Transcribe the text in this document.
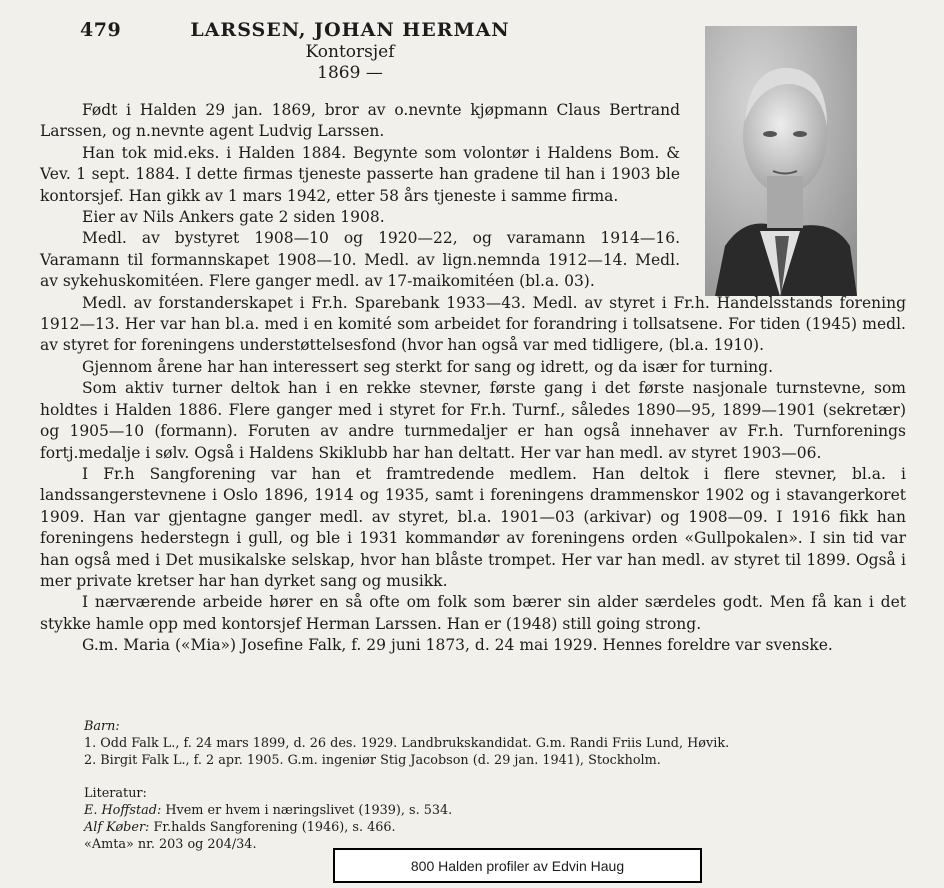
479	LARSSEN, JOHAN HERMAN
Kontorsjef
1869 —

Født i Halden 29 jan. 1869, bror av o.nevnte kjøpmann Claus Bertrand Larssen, og n.nevnte agent Ludvig Larssen.

Han tok mid.eks. i Halden 1884. Begynte som volontør i Haldens Bom. & Vev. 1 sept. 1884. I dette firmas tjeneste passerte han gradene til han i 1903 ble kontorsjef. Han gikk av 1 mars 1942, etter 58 års tjeneste i samme firma.

Eier av Nils Ankers gate 2 siden 1908.

Medl. av bystyret 1908—10 og 1920—22, og varamann 1914—16. Varamann til formannskapet 1908—10. Medl. av lign.nemnda 1912—14. Medl. av sykehuskomitéen. Flere ganger medl. av 17-maikomitéen (bl.a. 03).

Medl. av forstanderskapet i Fr.h. Sparebank 1933—43. Medl. av styret i Fr.h. Handelsstands forening 1912—13. Her var han bl.a. med i en komité som arbeidet for forandring i tollsatsene. For tiden (1945) medl. av styret for foreningens understøttelsesfond (hvor han også var med tidligere, (bl.a. 1910).

Gjennom årene har han interessert seg sterkt for sang og idrett, og da især for turning.

Som aktiv turner deltok han i en rekke stevner, første gang i det første nasjonale turnstevne, som holdtes i Halden 1886. Flere ganger med i styret for Fr.h. Turnf., således 1890—95, 1899—1901 (sekretær) og 1905—10 (formann). Foruten av andre turnmedaljer er han også innehaver av Fr.h. Turnforenings fortj.medalje i sølv. Også i Haldens Skiklubb har han deltatt. Her var han medl. av styret 1903—06.

I Fr.h Sangforening var han et framtredende medlem. Han deltok i flere stevner, bl.a. i landssangerstevnene i Oslo 1896, 1914 og 1935, samt i foreningens drammenskor 1902 og i stavangerkoret 1909. Han var gjentagne ganger medl. av styret, bl.a. 1901—03 (arkivar) og 1908—09. I 1916 fikk han foreningens hederstegn i gull, og ble i 1931 kommandør av foreningens orden «Gullpokalen». I sin tid var han også med i Det musikalske selskap, hvor han blåste trompet. Her var han medl. av styret til 1899. Også i mer private kretser har han dyrket sang og musikk.

I nærværende arbeide hører en så ofte om folk som bærer sin alder særdeles godt. Men få kan i det stykke hamle opp med kontorsjef Herman Larssen. Han er (1948) still going strong.

G.m. Maria («Mia») Josefine Falk, f. 29 juni 1873, d. 24 mai 1929. Hennes foreldre var svenske.

Barn:
1. Odd Falk L., f. 24 mars 1899, d. 26 des. 1929. Landbrukskandidat. G.m. Randi Friis Lund, Høvik.
2. Birgit Falk L., f. 2 apr. 1905. G.m. ingeniør Stig Jacobson (d. 29 jan. 1941), Stockholm.
Literatur:
E. Hoffstad: Hvem er hvem i næringslivet (1939), s. 534.
Alf Køber: Fr.halds Sangforening (1946), s. 466.
«Amta» nr. 203 og 204/34.
800 Halden profiler av Edvin Haug
